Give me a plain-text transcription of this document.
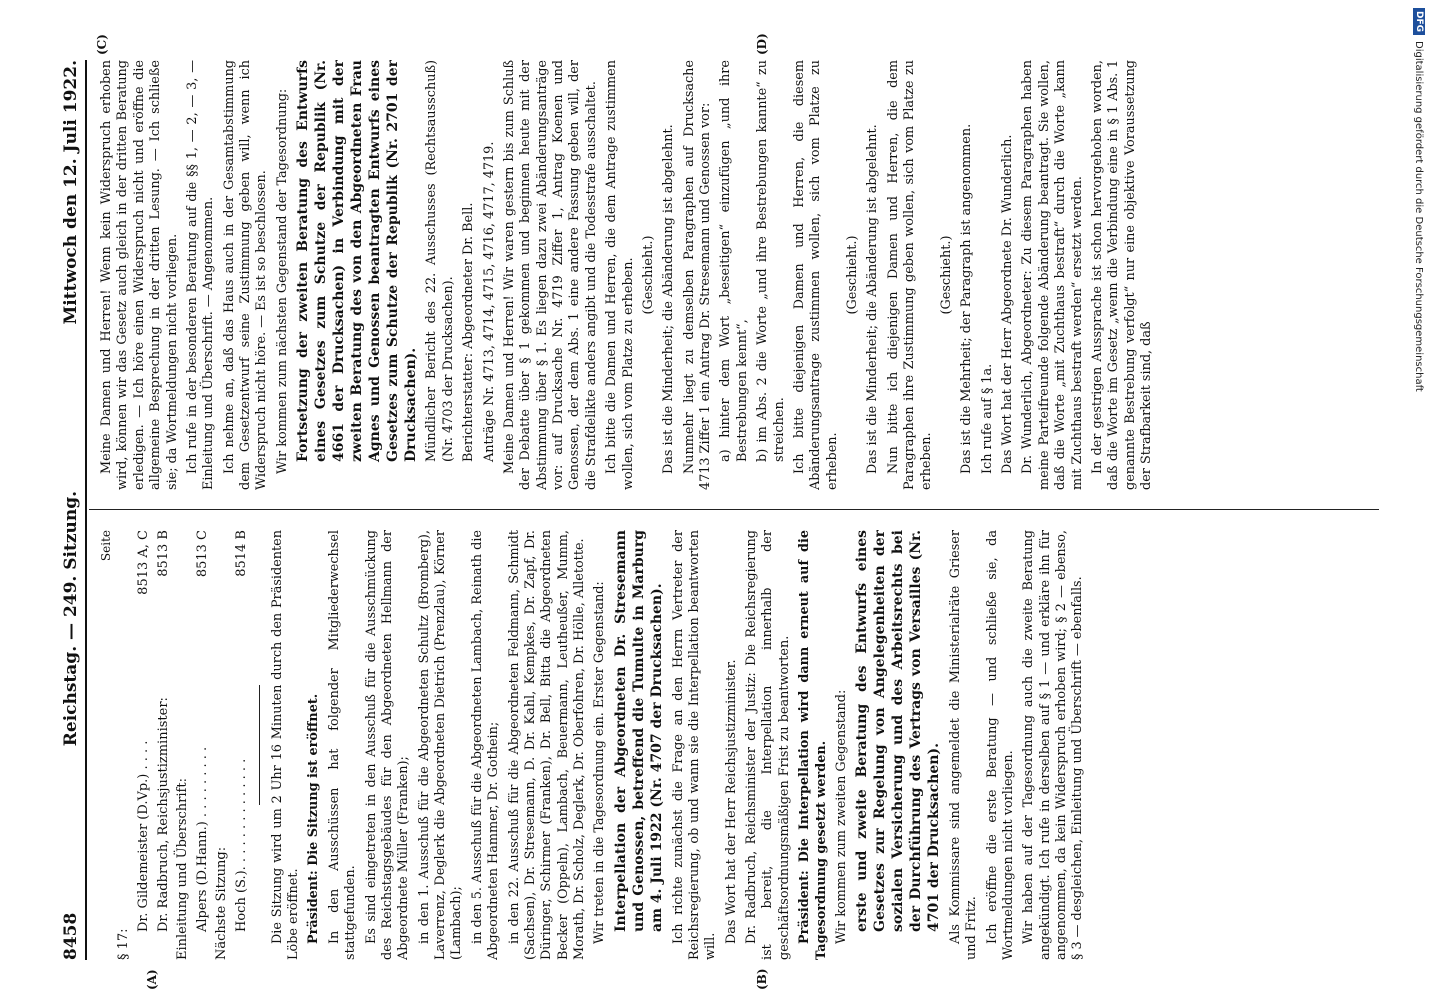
8458
Reichstag. — 249. Sitzung.
Mittwoch den 12. Juli 1922.
(A)	(B)
(C)	(D)
Seite
§ 17:
Dr. Gildemeister (D.Vp.) . . . .
8513 A, C
Dr. Radbruch, Reichsjustizminister:
8513 B
Einleitung und Überschrift: Alpers (D.Hann.) . . . . . . . . .
8513 C
Nächste Sitzung: Hoch (S.). . . . . . . . . . . . . .
8514 B Die Sitzung wird um 2 Uhr 16 Minuten durch den Präsidenten Löbe eröffnet. Präsident: Die Sitzung ist eröffnet. In den Ausschüssen hat folgender Mitgliederwechsel stattgefunden. Es sind eingetreten in den Ausschuß für die Ausschmückung des Reichstagsgebäudes für den Abgeordneten Hellmann der Abgeordnete Müller (Franken); in den 1. Ausschuß für die Abgeordneten Schultz (Bromberg), Laverrenz, Deglerk die Abgeordneten Dietrich (Prenzlau), Körner (Lambach); in den 5. Ausschuß für die Abgeordneten Lambach, Reinath die Abgeordneten Hammer, Dr. Gothein; in den 22. Ausschuß für die Abgeordneten Feldmann, Schmidt (Sachsen), Dr. Stresemann, D. Dr. Kahl, Kempkes, Dr. Zapf, Dr. Düringer, Schirmer (Franken), Dr. Bell, Bitta die Abgeordneten Becker (Oppeln), Lambach, Beuermann, Leutheußer, Mumm, Morath, Dr. Scholz, Deglerk, Dr. Oberfohren, Dr. Hölle, Alletotte. Wir treten in die Tagesordnung ein. Erster Gegenstand: Interpellation der Abgeordneten Dr. Stresemann und Genossen, betreffend die Tumulte in Marburg am 4. Juli 1922 (Nr. 4707 der Drucksachen). Ich richte zunächst die Frage an den Herrn Vertreter der Reichsregierung, ob und wann sie die Interpellation beantworten will.

Das Wort hat der Herr Reichsjustizminister. Dr. Radbruch, Reichsminister der Justiz: Die Reichsregierung ist bereit, die Interpellation innerhalb der geschäftsordnungsmäßigen Frist zu beantworten. Präsident: Die Interpellation wird dann erneut auf die Tagesordnung gesetzt werden. Wir kommen zum zweiten Gegenstand: erste und zweite Beratung des Entwurfs eines Gesetzes zur Regelung von Angelegenheiten der sozialen Versicherung und des Arbeitsrechts bei der Durchführung des Vertrags von Versailles (Nr. 4701 der Drucksachen). Als Kommissare sind angemeldet die Ministerialräte Grieser und Fritz. Ich eröffne die erste Beratung — und schließe sie, da Wortmeldungen nicht vorliegen. Wir haben auf der Tagesordnung auch die zweite Beratung angekündigt. Ich rufe in derselben auf § 1 — und erkläre ihn für angenommen, da kein Widerspruch erhoben wird; § 2 — ebenso, § 3 — desgleichen, Einleitung und Überschrift — ebenfalls.

Meine Damen und Herren! Wenn kein Widerspruch erhoben wird, können wir das Gesetz auch gleich in der dritten Beratung erledigen. — Ich höre einen Widerspruch nicht und eröffne die allgemeine Besprechung in der dritten Lesung. — Ich schließe sie; da Wortmeldungen nicht vorliegen. Ich rufe in der besonderen Beratung auf die §§ 1, — 2, — 3, — Einleitung und Überschrift. — Angenommen. Ich nehme an, daß das Haus auch in der Gesamtabstimmung dem Gesetzentwurf seine Zustimmung geben will, wenn ich Widerspruch nicht höre. — Es ist so beschlossen. Wir kommen zum nächsten Gegenstand der Tagesordnung: Fortsetzung der zweiten Beratung des Entwurfs eines Gesetzes zum Schutze der Republik (Nr. 4661 der Drucksachen) in Verbindung mit der zweiten Beratung des von den Abgeordneten Frau Agnes und Genossen beantragten Entwurfs eines Gesetzes zum Schutze der Republik (Nr. 2701 der Drucksachen). Mündlicher Bericht des 22. Ausschusses (Rechtsausschuß) (Nr. 4703 der Drucksachen). Berichterstatter: Abgeordneter Dr. Bell. Anträge Nr. 4713, 4714, 4715, 4716, 4717, 4719. Meine Damen und Herren! Wir waren gestern bis zum Schluß der Debatte über § 1 gekommen und beginnen heute mit der Abstimmung über § 1. Es liegen dazu zwei Abänderungsanträge vor: auf Drucksache Nr. 4719 Ziffer 1, Antrag Koenen und Genossen, der dem Abs. 1 eine andere Fassung geben will, der die Strafdelikte anders angibt und die Todesstrafe ausschaltet. Ich bitte die Damen und Herren, die dem Antrage zustimmen wollen, sich vom Platze zu erheben. (Geschieht.) Das ist die Minderheit; die Abänderung ist abgelehnt. Nunmehr liegt zu demselben Paragraphen auf Drucksache 4713 Ziffer 1 ein Antrag Dr. Stresemann und Genossen vor: a) hinter dem Wort „beseitigen“ einzufügen „und ihre Bestrebungen kennt“, b) im Abs. 2 die Worte „und ihre Bestrebungen kannte“ zu streichen. Ich bitte diejenigen Damen und Herren, die diesem Abänderungsantrage zustimmen wollen, sich vom Platze zu erheben.

(Geschieht.) Das ist die Minderheit; die Abänderung ist abgelehnt. Nun bitte ich diejenigen Damen und Herren, die dem Paragraphen ihre Zustimmung geben wollen, sich vom Platze zu erheben.

(Geschieht.) Das ist die Mehrheit; der Paragraph ist angenommen. Ich rufe auf § 1a. Das Wort hat der Herr Abgeordnete Dr. Wunderlich. Dr. Wunderlich, Abgeordneter: Zu diesem Paragraphen haben meine Parteifreunde folgende Abänderung beantragt. Sie wollen, daß die Worte „mit Zuchthaus bestraft“ durch die Worte „kann mit Zuchthaus bestraft werden“ ersetzt werden. In der gestrigen Aussprache ist schon hervorgehoben worden, daß die Worte im Gesetz „wenn die Verbindung eine in § 1 Abs. 1 genannte Bestrebung verfolgt“ nur eine objektive Voraussetzung der Strafbarkeit sind, daß

DFG
Digitalisierung gefördert durch die Deutsche Forschungsgemeinschaft
